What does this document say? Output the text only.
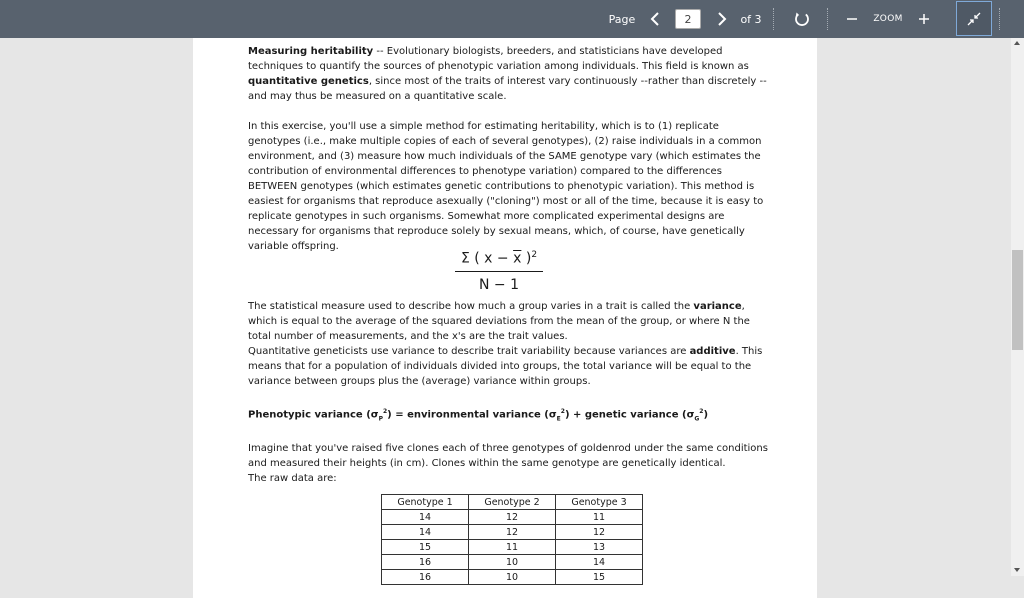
Page	2	of 3	ZOOM

Measuring heritability -- Evolutionary biologists, breeders, and statisticians have developed techniques to quantify the sources of phenotypic variation among individuals. This field is known as quantitative genetics, since most of the traits of interest vary continuously --rather than discretely -- and may thus be measured on a quantitative scale.

In this exercise, you'll use a simple method for estimating heritability, which is to (1) replicate genotypes (i.e., make multiple copies of each of several genotypes), (2) raise individuals in a common environment, and (3) measure how much individuals of the SAME genotype vary (which estimates the contribution of environmental differences to phenotype variation) compared to the differences BETWEEN genotypes (which estimates genetic contributions to phenotypic variation). This method is easiest for organisms that reproduce asexually ("cloning") most or all of the time, because it is easy to replicate genotypes in such organisms. Somewhat more complicated experimental designs are necessary for organisms that reproduce solely by sexual means, which, of course, have genetically variable offspring.

The statistical measure used to describe how much a group varies in a trait is called the variance, which is equal to the average of the squared deviations from the mean of the group, or where N the total number of measurements, and the x's are the trait values.

Quantitative geneticists use variance to describe trait variability because variances are additive. This means that for a population of individuals divided into groups, the total variance will be equal to the variance between groups plus the (average) variance within groups.

Phenotypic variance $(\sigma_P^2)$ = environmental variance $(\sigma_E^2)$ + genetic variance $(\sigma_G^2)$

Imagine that you've raised five clones each of three genotypes of goldenrod under the same conditions and measured their heights (in cm). Clones within the same genotype are genetically identical.

The raw data are:

$\frac{\Sigma ( x - \overline{x} )^2}{N - 1}$
Genotype 1	Genotype 2	Genotype 3
14	12	11
14	12	12
15	11	13
16	10	14
16	10	15
